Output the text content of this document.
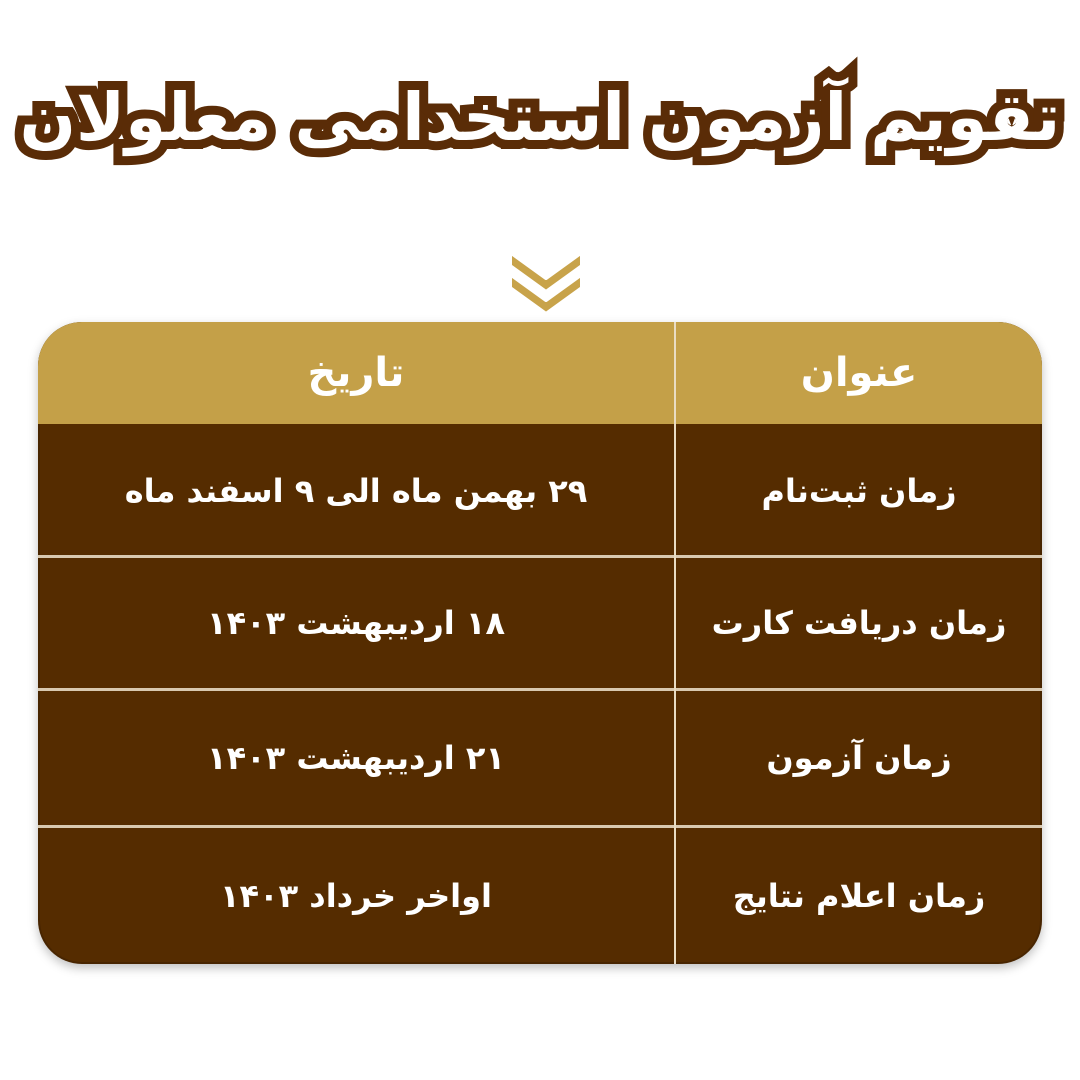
تقویم آزمون استخدامی معلولان
عنوان
تاریخ
زمان ثبت‌نام
۲۹ بهمن ماه الی ۹ اسفند ماه
زمان دریافت کارت
۱۸ اردیبهشت ۱۴۰۳
زمان آزمون
۲۱ اردیبهشت ۱۴۰۳
زمان اعلام نتایج
اواخر خرداد ۱۴۰۳
